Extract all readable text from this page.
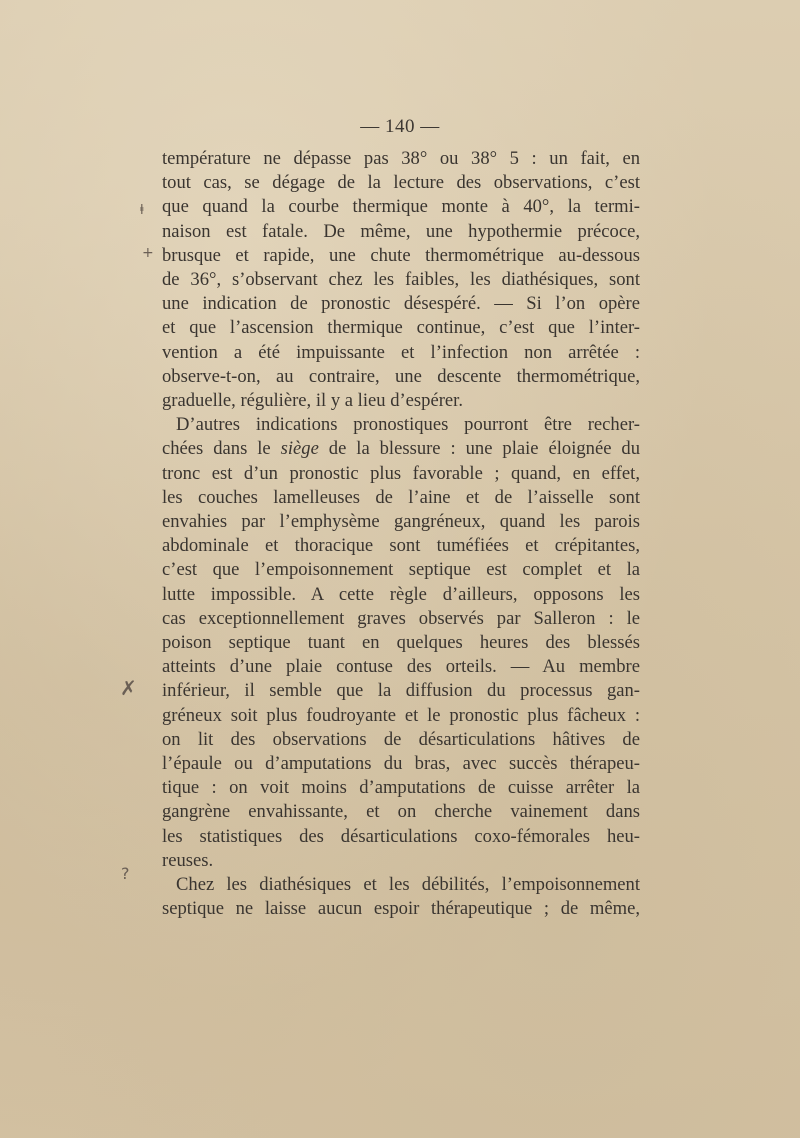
— 140 —
ⱡ
+
✗
?
température ne dépasse pas 38° ou 38° 5 : un fait, en
tout cas, se dégage de la lecture des observations, c’est
que quand la courbe thermique monte à 40°, la termi-
naison est fatale. De même, une hypothermie précoce,
brusque et rapide, une chute thermométrique au-dessous
de 36°, s’observant chez les faibles, les diathésiques, sont
une indication de pronostic désespéré. — Si l’on opère
et que l’ascension thermique continue, c’est que l’inter-
vention a été impuissante et l’infection non arrêtée :
observe-t-on, au contraire, une descente thermométrique,
graduelle, régulière, il y a lieu d’espérer.
D’autres indications pronostiques pourront être recher-
chées dans le siège de la blessure : une plaie éloignée du
tronc est d’un pronostic plus favorable ; quand, en effet,
les couches lamelleuses de l’aine et de l’aisselle sont
envahies par l’emphysème gangréneux, quand les parois
abdominale et thoracique sont tuméfiées et crépitantes,
c’est que l’empoisonnement septique est complet et la
lutte impossible. A cette règle d’ailleurs, opposons les
cas exceptionnellement graves observés par Salleron : le
poison septique tuant en quelques heures des blessés
atteints d’une plaie contuse des orteils. — Au membre
inférieur, il semble que la diffusion du processus gan-
gréneux soit plus foudroyante et le pronostic plus fâcheux :
on lit des observations de désarticulations hâtives de
l’épaule ou d’amputations du bras, avec succès thérapeu-
tique : on voit moins d’amputations de cuisse arrêter la
gangrène envahissante, et on cherche vainement dans
les statistiques des désarticulations coxo-fémorales heu-
reuses.
Chez les diathésiques et les débilités, l’empoisonnement
septique ne laisse aucun espoir thérapeutique ; de même,
